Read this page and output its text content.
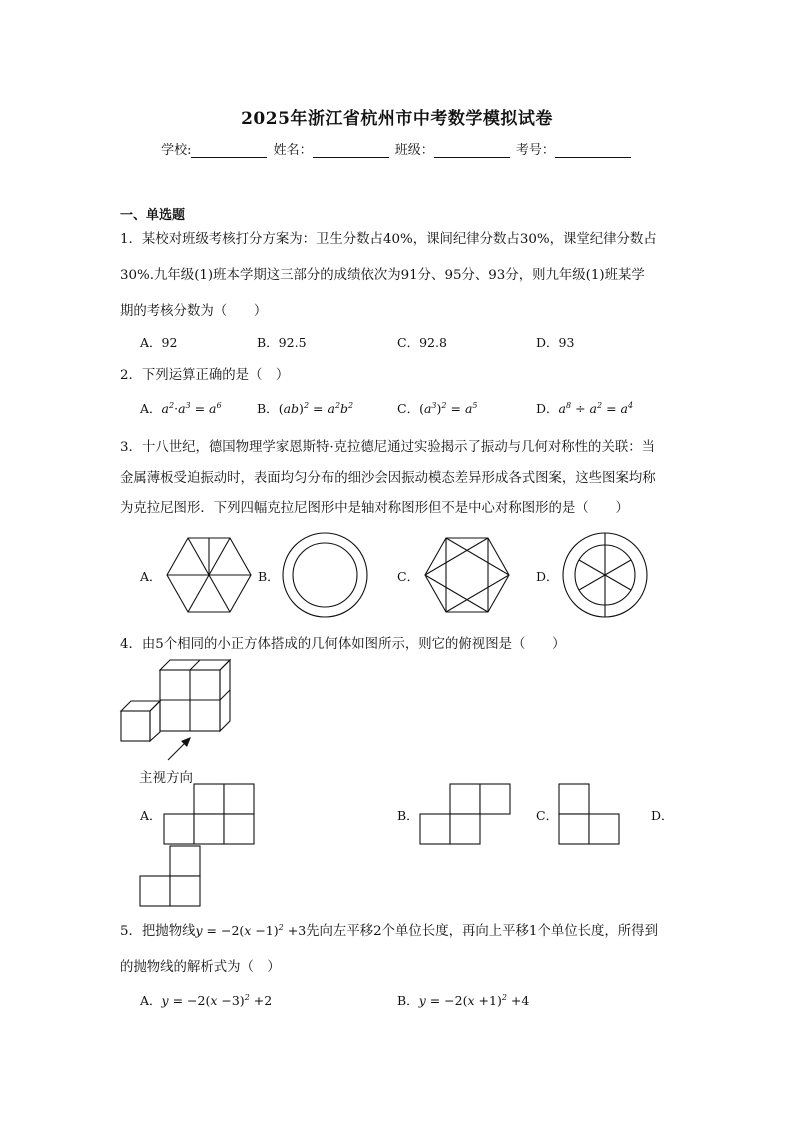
2025年浙江省杭州市中考数学模拟试卷
学校:	姓名：	班级：	考号：
一、单选题
1．某校对班级考核打分方案为：卫生分数占40%，课间纪律分数占30%，课堂纪律分数占
30%.九年级(1)班本学期这三部分的成绩依次为91分、95分、93分，则九年级(1)班某学
期的考核分数为（　　）
A．92	B．92.5	C．92.8	D．93
2．下列运算正确的是（　）
A．$a^2\cdot a^3 = a^6$	B．$(ab)^2 = a^2b^2$	C．$(a^3)^2 = a^5$	D．$a^8 \div a^2 = a^4$
3．十八世纪，德国物理学家恩斯特·克拉德尼通过实验揭示了振动与几何对称性的关联：当
金属薄板受迫振动时，表面均匀分布的细沙会因振动模态差异形成各式图案，这些图案均称
为克拉尼图形．下列四幅克拉尼图形中是轴对称图形但不是中心对称图形的是（　　）
A．	B．	C．	D．
4．由5个相同的小正方体搭成的几何体如图所示，则它的俯视图是（　　）
主视方向
A．	B．	C．	D．
5．把抛物线$y = -2(x -1)^2 +3$先向左平移2个单位长度，再向上平移1个单位长度，所得到
的抛物线的解析式为（　）
A．$y = -2(x -3)^2 +2$	B．$y = -2(x +1)^2 +4$
